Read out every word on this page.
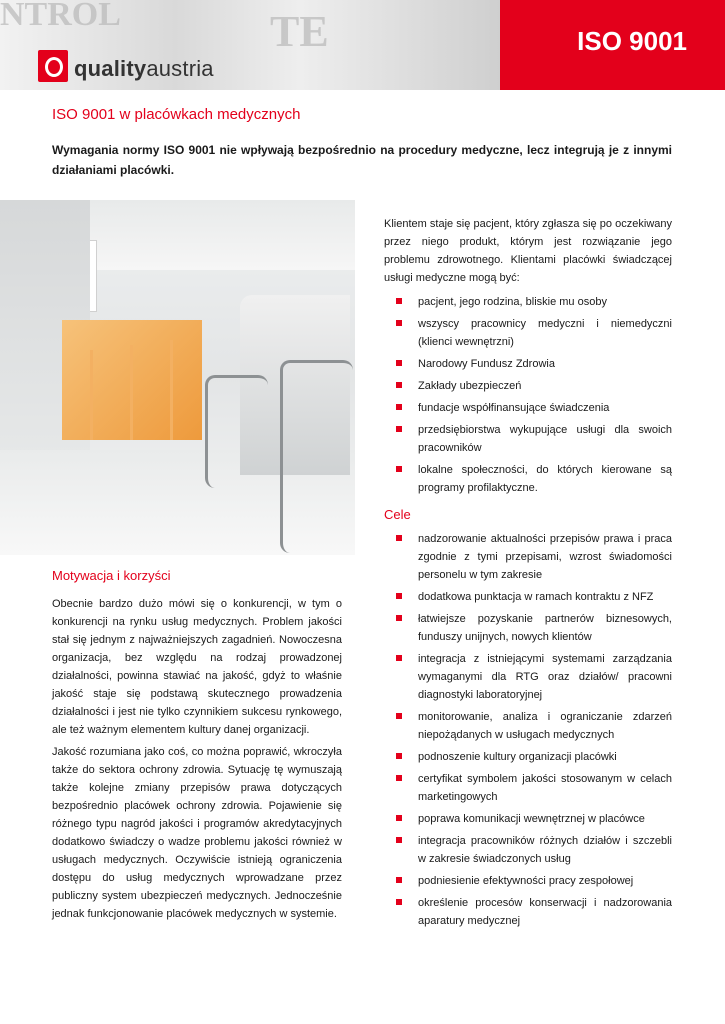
NTROL	TE	ISO 9001
qualityaustria
ISO 9001 w placówkach medycznych
Wymagania normy ISO 9001 nie wpływają bezpośrednio na procedury medyczne, lecz integrują je z innymi działaniami placówki.

Klientem staje się pacjent, który zgłasza się po oczekiwany przez niego produkt, którym jest rozwiązanie jego problemu zdrowotnego. Klientami placówki świadczącej usługi medyczne mogą być:

pacjent, jego rodzina, bliskie mu osoby
wszyscy pracownicy medyczni i niemedyczni (klienci wewnętrzni)
Narodowy Fundusz Zdrowia
Zakłady ubezpieczeń
fundacje współfinansujące świadczenia
przedsiębiorstwa wykupujące usługi dla swoich pracowników
lokalne społeczności, do których kierowane są programy profilaktyczne.
Cele
nadzorowanie aktualności przepisów prawa i praca zgodnie z tymi przepisami, wzrost świadomości personelu w tym zakresie
dodatkowa punktacja w ramach kontraktu z NFZ
łatwiejsze pozyskanie partnerów biznesowych, funduszy unijnych, nowych klientów
integracja z istniejącymi systemami zarządzania wymaganymi dla RTG oraz działów/ pracowni diagnostyki laboratoryjnej
monitorowanie, analiza i ograniczanie zdarzeń niepożądanych w usługach medycznych
podnoszenie kultury organizacji placówki
certyfikat symbolem jakości stosowanym w celach marketingowych
poprawa komunikacji wewnętrznej w placówce
integracja pracowników różnych działów i szczebli w zakresie świadczonych usług
podniesienie efektywności pracy zespołowej
określenie procesów konserwacji i nadzorowania aparatury medycznej
Motywacja i korzyści

Obecnie bardzo dużo mówi się o konkurencji, w tym o konkurencji na rynku usług medycznych. Problem jakości stał się jednym z najważniejszych zagadnień. Nowoczesna organizacja, bez względu na rodzaj prowadzonej działalności, powinna stawiać na jakość, gdyż to właśnie jakość staje się podstawą skutecznego prowadzenia działalności i jest nie tylko czynnikiem sukcesu rynkowego, ale też ważnym elementem kultury danej organizacji.

Jakość rozumiana jako coś, co można poprawić, wkroczyła także do sektora ochrony zdrowia. Sytuację tę wymuszają także kolejne zmiany przepisów prawa dotyczących bezpośrednio placówek ochrony zdrowia. Pojawienie się różnego typu nagród jakości i programów akredytacyjnych dodatkowo świadczy o wadze problemu jakości również w usługach medycznych. Oczywiście istnieją ograniczenia dostępu do usług medycznych wprowadzane przez publiczny system ubezpieczeń medycznych. Jednocześnie jednak funkcjonowanie placówek medycznych w systemie.
